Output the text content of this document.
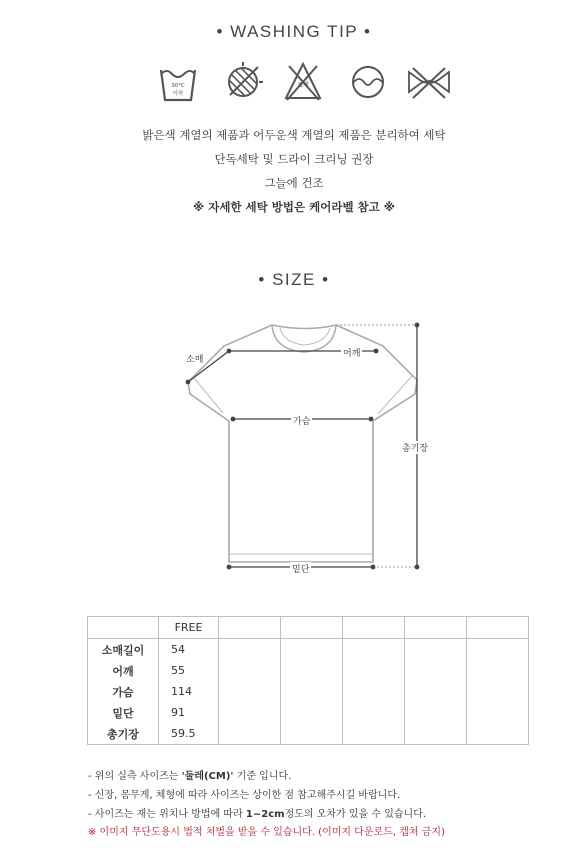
• WASHING TIP •
30°C
이하
표백
밝은색 계열의 제품과 어두운색 계열의 제품은 분리하여 세탁
단독세탁 및 드라이 크리닝 권장
그늘에 건조
※ 자세한 세탁 방법은 케어라벨 참고 ※
• SIZE •
소매
어깨
가슴
총기장
밑단
	FREE					
소매길이	54					
어깨	55					
가슴	114					
밑단	91					
총기장	59.5					
- 위의 실측 사이즈는 '둘레(CM)' 기준 입니다.
- 신장, 몸무게, 체형에 따라 사이즈는 상이한 점 참고해주시길 바랍니다.
- 사이즈는 재는 위치나 방법에 따라 1~2cm정도의 오차가 있을 수 있습니다.
※ 이미지 무단도용시 법적 처벌을 받을 수 있습니다. (이미지 다운로드, 캡쳐 금지)
